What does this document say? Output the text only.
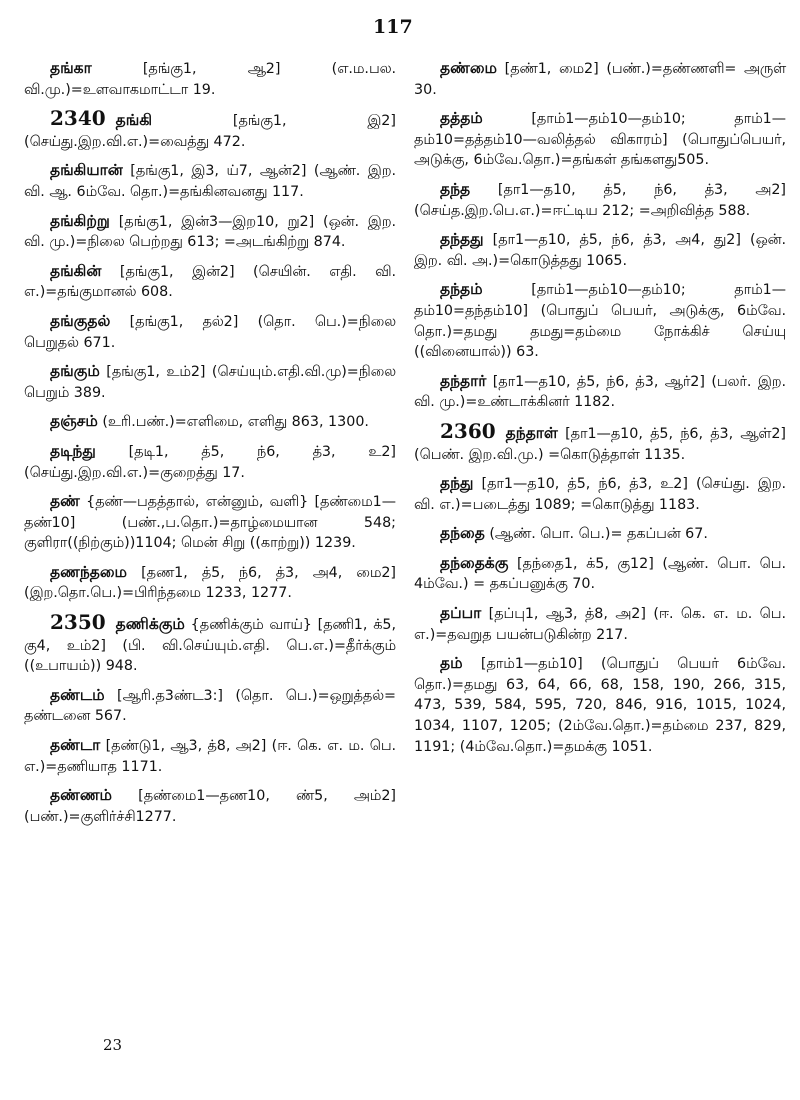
117

தங்கா [தங்கு1, ஆ2] (எ.ம.பல. வி.மு.)=உளவாகமாட்டா 19.

2340 தங்கி [தங்கு1, இ2] (செய்து.இற.வி.எ.)=வைத்து 472.

தங்கியான் [தங்கு1, இ3, ய்7, ஆன்2] (ஆண். இற. வி. ஆ. 6ம்வே. தொ.)=தங்கினவனது 117.

தங்கிற்று [தங்கு1, இன்3—இற10, று2] (ஒன். இற. வி. மு.)=நிலை பெற்றது 613; =அடங்கிற்று 874.

தங்கின் [தங்கு1, இன்2] (செயின். எதி. வி. எ.)=தங்குமானல் 608.

தங்குதல் [தங்கு1, தல்2] (தொ. பெ.)=நிலை பெறுதல் 671.

தங்கும் [தங்கு1, உம்2] (செய்யும்.எதி.வி.மு)=நிலை பெறும் 389.

தஞ்சம் (உரி.பண்.)=எளிமை, எளிது 863, 1300.

தடிந்து [தடி1, த்5, ந்6, த்3, உ2] (செய்து.இற.வி.எ.)=குறைத்து 17.

தண் {தண்—பதத்தால், என்னும், வளி} [தண்மை1—தண்10] (பண்.,ப.தொ.)=தாழ்மையான 548; குளிரா((நிற்கும்))1104; மென் சிறு ((காற்று)) 1239.

தணந்தமை [தண1, த்5, ந்6, த்3, அ4, மை2] (இற.தொ.பெ.)=பிரிந்தமை 1233, 1277.

2350 தணிக்கும் {தணிக்கும் வாய்} [தணி1, க்5, கு4, உம்2] (பி. வி.செய்யும்.எதி. பெ.எ.)=தீர்க்கும் ((உபாயம்)) 948.

தண்டம் [ஆரி.த3ண்ட3:] (தொ. பெ.)=ஒறுத்தல்= தண்டனை 567.

தண்டா [தண்டு1, ஆ3, த்8, அ2] (ஈ. கெ. எ. ம. பெ. எ.)=தணியாத 1171.

தண்ணம் [தண்மை1—தண10, ண்5, அம்2] (பண்.)=குளிர்ச்சி1277.

தண்மை [தண்1, மை2] (பண்.)=தண்ணளி= அருள் 30.

தத்தம் [தாம்1—தம்10—தம்10; தாம்1—தம்10=தத்தம்10—வலித்தல் விகாரம்] (பொதுப்பெயர், அடுக்கு, 6ம்வே.தொ.)=தங்கள் தங்களது505.

தந்த [தா1—த10, த்5, ந்6, த்3, அ2] (செய்த.இற.பெ.எ.)=ஈட்டிய 212; =அறிவித்த 588.

தந்தது [தா1—த10, த்5, ந்6, த்3, அ4, து2] (ஒன். இற. வி. அ.)=கொடுத்தது 1065.

தந்தம் [தாம்1—தம்10—தம்10; தாம்1—தம்10=தந்தம்10] (பொதுப் பெயர், அடுக்கு, 6ம்வே. தொ.)=தமது தமது=தம்மை நோக்கிச் செய்யு ((வினையால்)) 63.

தந்தார் [தா1—த10, த்5, ந்6, த்3, ஆர்2] (பலர். இற. வி. மு.)=உண்டாக்கினர் 1182.

2360 தந்தாள் [தா1—த10, த்5, ந்6, த்3, ஆள்2] (பெண். இற.வி.மு.) =கொடுத்தாள் 1135.

தந்து [தா1—த10, த்5, ந்6, த்3, உ2] (செய்து. இற. வி. எ.)=படைத்து 1089; =கொடுத்து 1183.

தந்தை (ஆண். பொ. பெ.)= தகப்பன் 67.

தந்தைக்கு [தந்தை1, க்5, கு12] (ஆண். பொ. பெ. 4ம்வே.) = தகப்பனுக்கு 70.

தப்பா [தப்பு1, ஆ3, த்8, அ2] (ஈ. கெ. எ. ம. பெ. எ.)=தவறுத பயன்படுகின்ற 217.

தம் [தாம்1—தம்10] (பொதுப் பெயர் 6ம்வே. தொ.)=தமது 63, 64, 66, 68, 158, 190, 266, 315, 473, 539, 584, 595, 720, 846, 916, 1015, 1024, 1034, 1107, 1205; (2ம்வே.தொ.)=தம்மை 237, 829, 1191; (4ம்வே.தொ.)=தமக்கு 1051.

23
